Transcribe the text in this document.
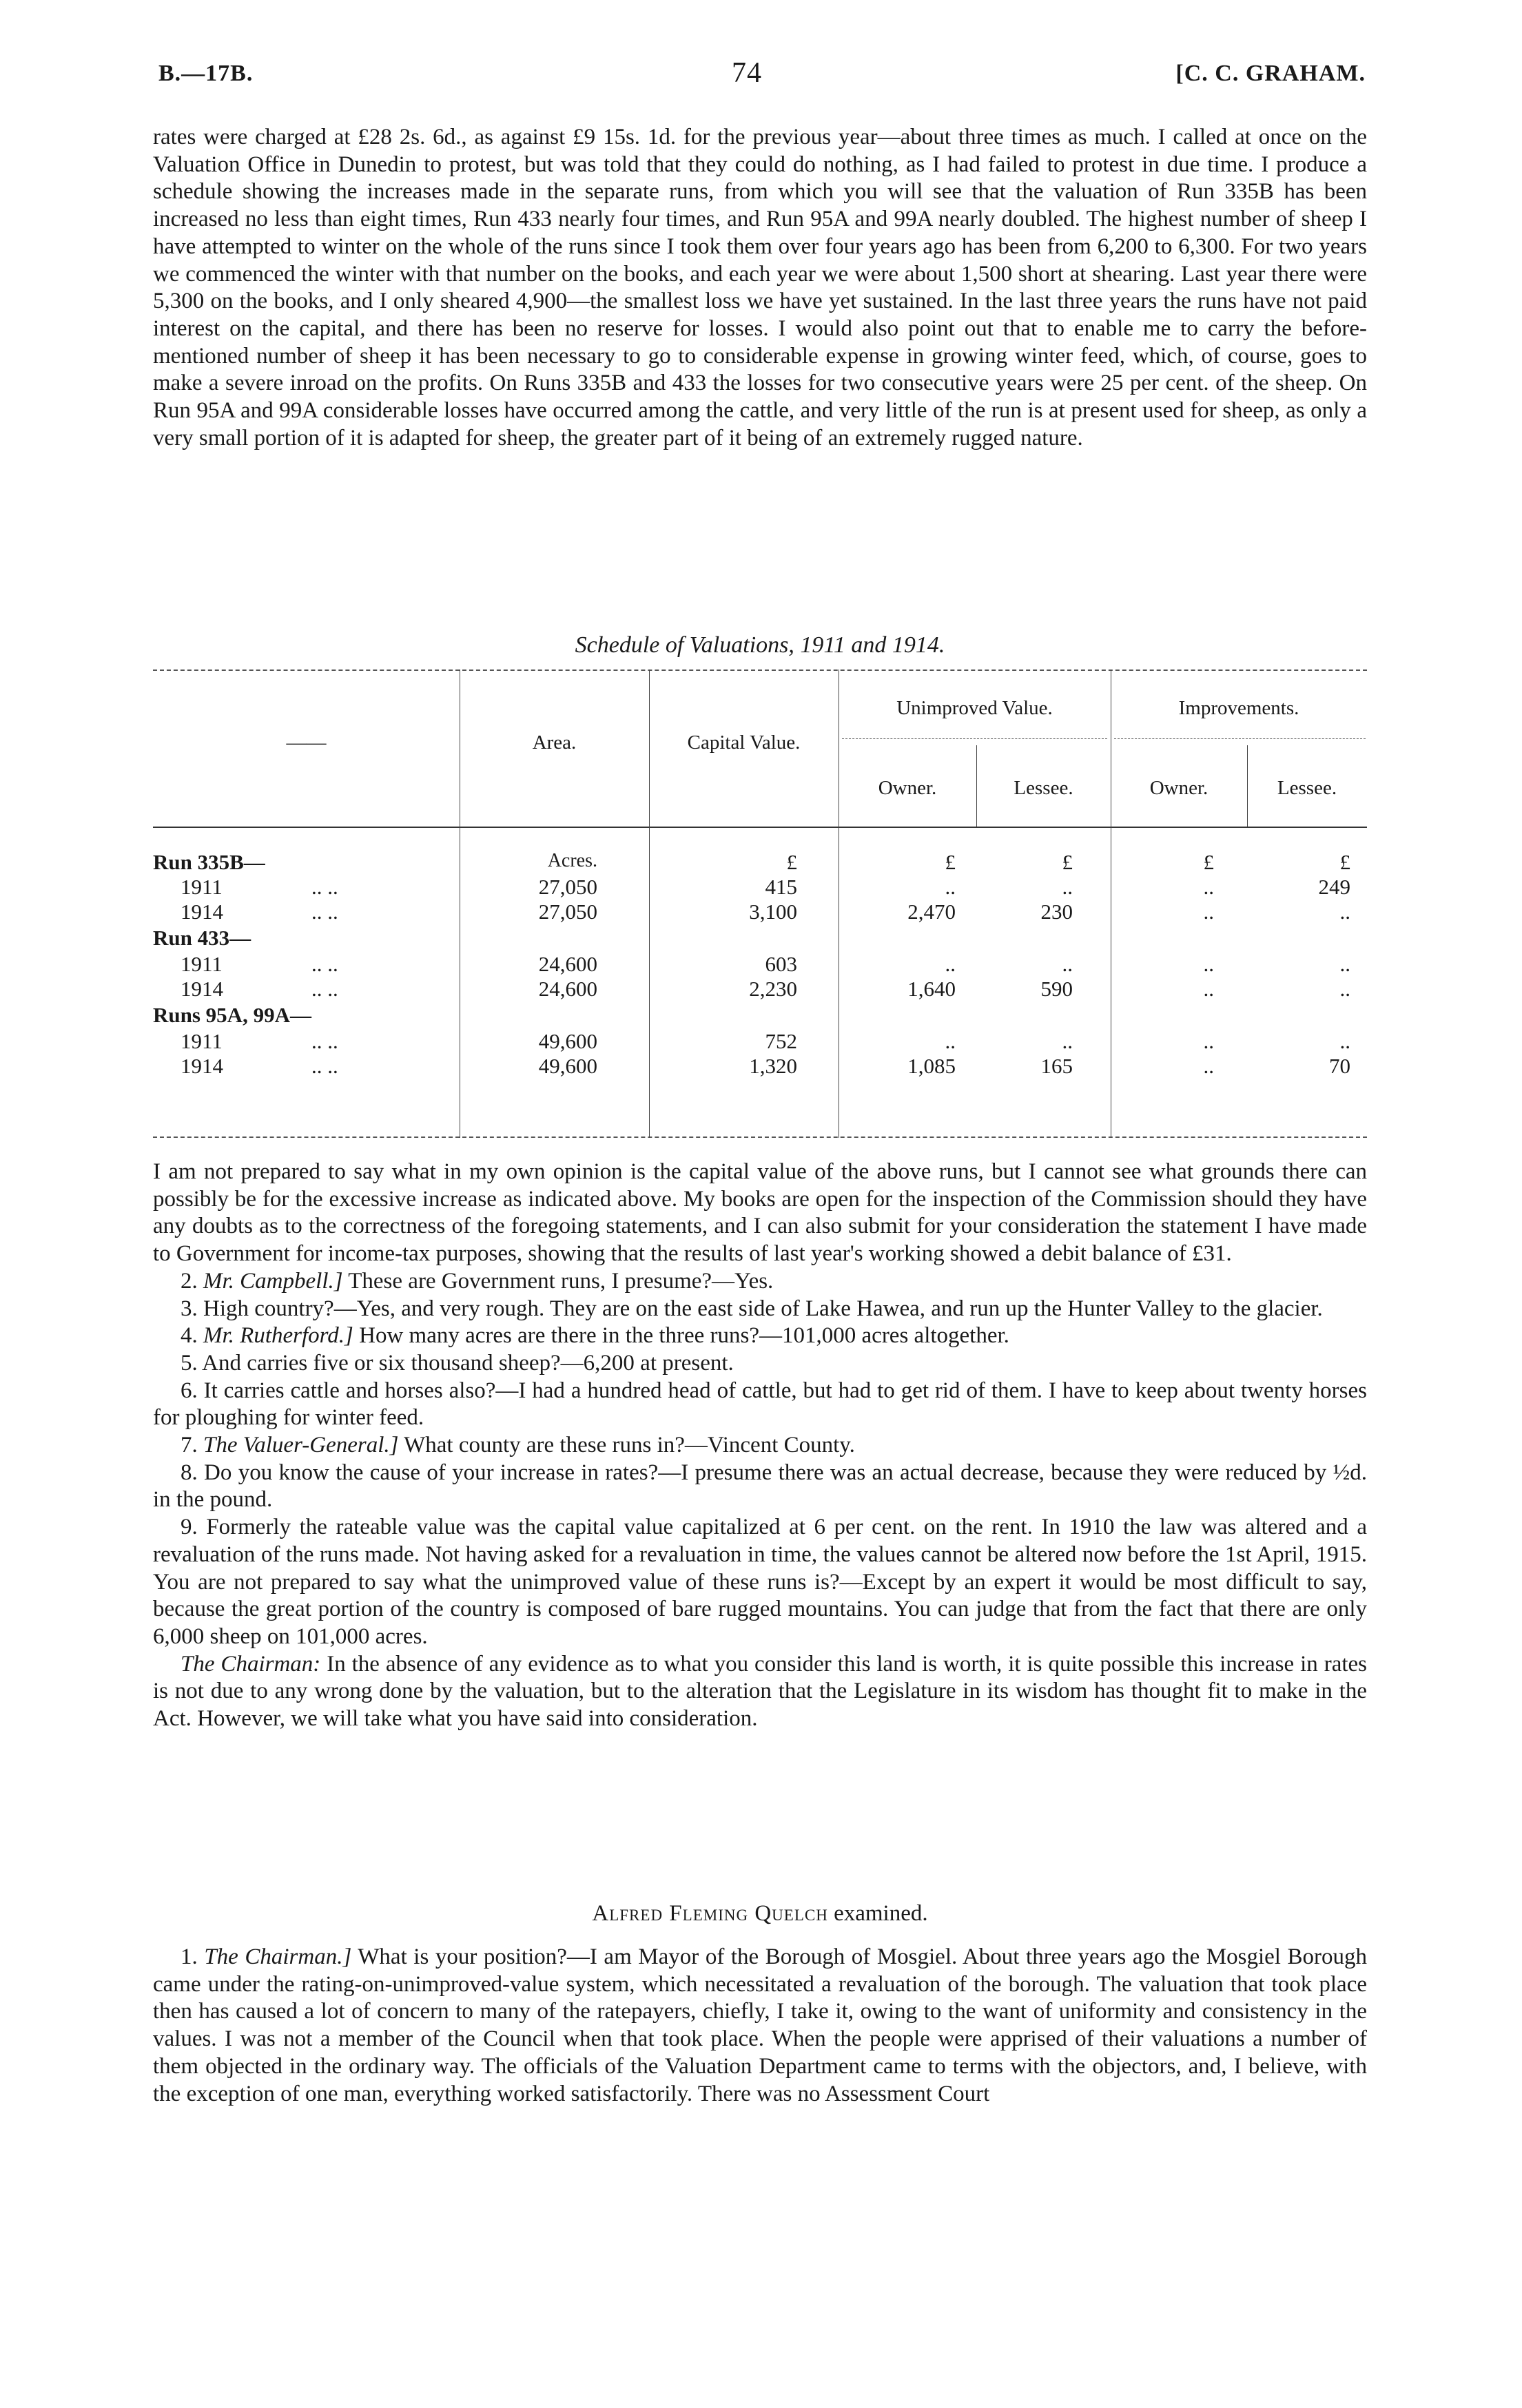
B.—17B.	74	[C. C. GRAHAM.

rates were charged at £28 2s. 6d., as against £9 15s. 1d. for the previous year—about three times as much. I called at once on the Valuation Office in Dunedin to protest, but was told that they could do nothing, as I had failed to protest in due time. I produce a schedule showing the increases made in the separate runs, from which you will see that the valuation of Run 335B has been increased no less than eight times, Run 433 nearly four times, and Run 95A and 99A nearly doubled. The highest number of sheep I have attempted to winter on the whole of the runs since I took them over four years ago has been from 6,200 to 6,300. For two years we commenced the winter with that number on the books, and each year we were about 1,500 short at shearing. Last year there were 5,300 on the books, and I only sheared 4,900—the smallest loss we have yet sustained. In the last three years the runs have not paid interest on the capital, and there has been no reserve for losses. I would also point out that to enable me to carry the before-mentioned number of sheep it has been necessary to go to considerable expense in growing winter feed, which, of course, goes to make a severe inroad on the profits. On Runs 335B and 433 the losses for two consecutive years were 25 per cent. of the sheep. On Run 95A and 99A considerable losses have occurred among the cattle, and very little of the run is at present used for sheep, as only a very small portion of it is adapted for sheep, the greater part of it being of an extremely rugged nature.

Schedule of Valuations, 1911 and 1914.
——	Area.	Capital Value.
Unimproved Value.	Improvements.
Owner.	Lessee.	Owner.	Lessee.
Acres.	£	£	£	£	£
Run 335B—
1911	.. ..	27,050	415	..	..	..	249
1914	.. ..	27,050	3,100	2,470	230	..	..
Run 433—
1911	.. ..	24,600	603	..	..	..	..
1914	.. ..	24,600	2,230	1,640	590	..	..
Runs 95A, 99A—
1911	.. ..	49,600	752	..	..	..	..
1914	.. ..	49,600	1,320	1,085	165	..	70
I am not prepared to say what in my own opinion is the capital value of the above runs, but I cannot see what grounds there can possibly be for the excessive increase as indicated above. My books are open for the inspection of the Commission should they have any doubts as to the correctness of the foregoing statements, and I can also submit for your consideration the statement I have made to Government for income-tax purposes, showing that the results of last year's working showed a debit balance of £31.
2. Mr. Campbell.] These are Government runs, I presume?—Yes.
3. High country?—Yes, and very rough. They are on the east side of Lake Hawea, and run up the Hunter Valley to the glacier.
4. Mr. Rutherford.] How many acres are there in the three runs?—101,000 acres altogether.
5. And carries five or six thousand sheep?—6,200 at present.
6. It carries cattle and horses also?—I had a hundred head of cattle, but had to get rid of them. I have to keep about twenty horses for ploughing for winter feed.
7. The Valuer-General.] What county are these runs in?—Vincent County.
8. Do you know the cause of your increase in rates?—I presume there was an actual decrease, because they were reduced by ½d. in the pound.
9. Formerly the rateable value was the capital value capitalized at 6 per cent. on the rent. In 1910 the law was altered and a revaluation of the runs made. Not having asked for a revaluation in time, the values cannot be altered now before the 1st April, 1915. You are not prepared to say what the unimproved value of these runs is?—Except by an expert it would be most difficult to say, because the great portion of the country is composed of bare rugged mountains. You can judge that from the fact that there are only 6,000 sheep on 101,000 acres.
The Chairman: In the absence of any evidence as to what you consider this land is worth, it is quite possible this increase in rates is not due to any wrong done by the valuation, but to the alteration that the Legislature in its wisdom has thought fit to make in the Act. However, we will take what you have said into consideration.
Alfred Fleming Quelch examined.
1. The Chairman.] What is your position?—I am Mayor of the Borough of Mosgiel. About three years ago the Mosgiel Borough came under the rating-on-unimproved-value system, which necessitated a revaluation of the borough. The valuation that took place then has caused a lot of concern to many of the ratepayers, chiefly, I take it, owing to the want of uniformity and consistency in the values. I was not a member of the Council when that took place. When the people were apprised of their valuations a number of them objected in the ordinary way. The officials of the Valuation Department came to terms with the objectors, and, I believe, with the exception of one man, everything worked satisfactorily. There was no Assessment Court
